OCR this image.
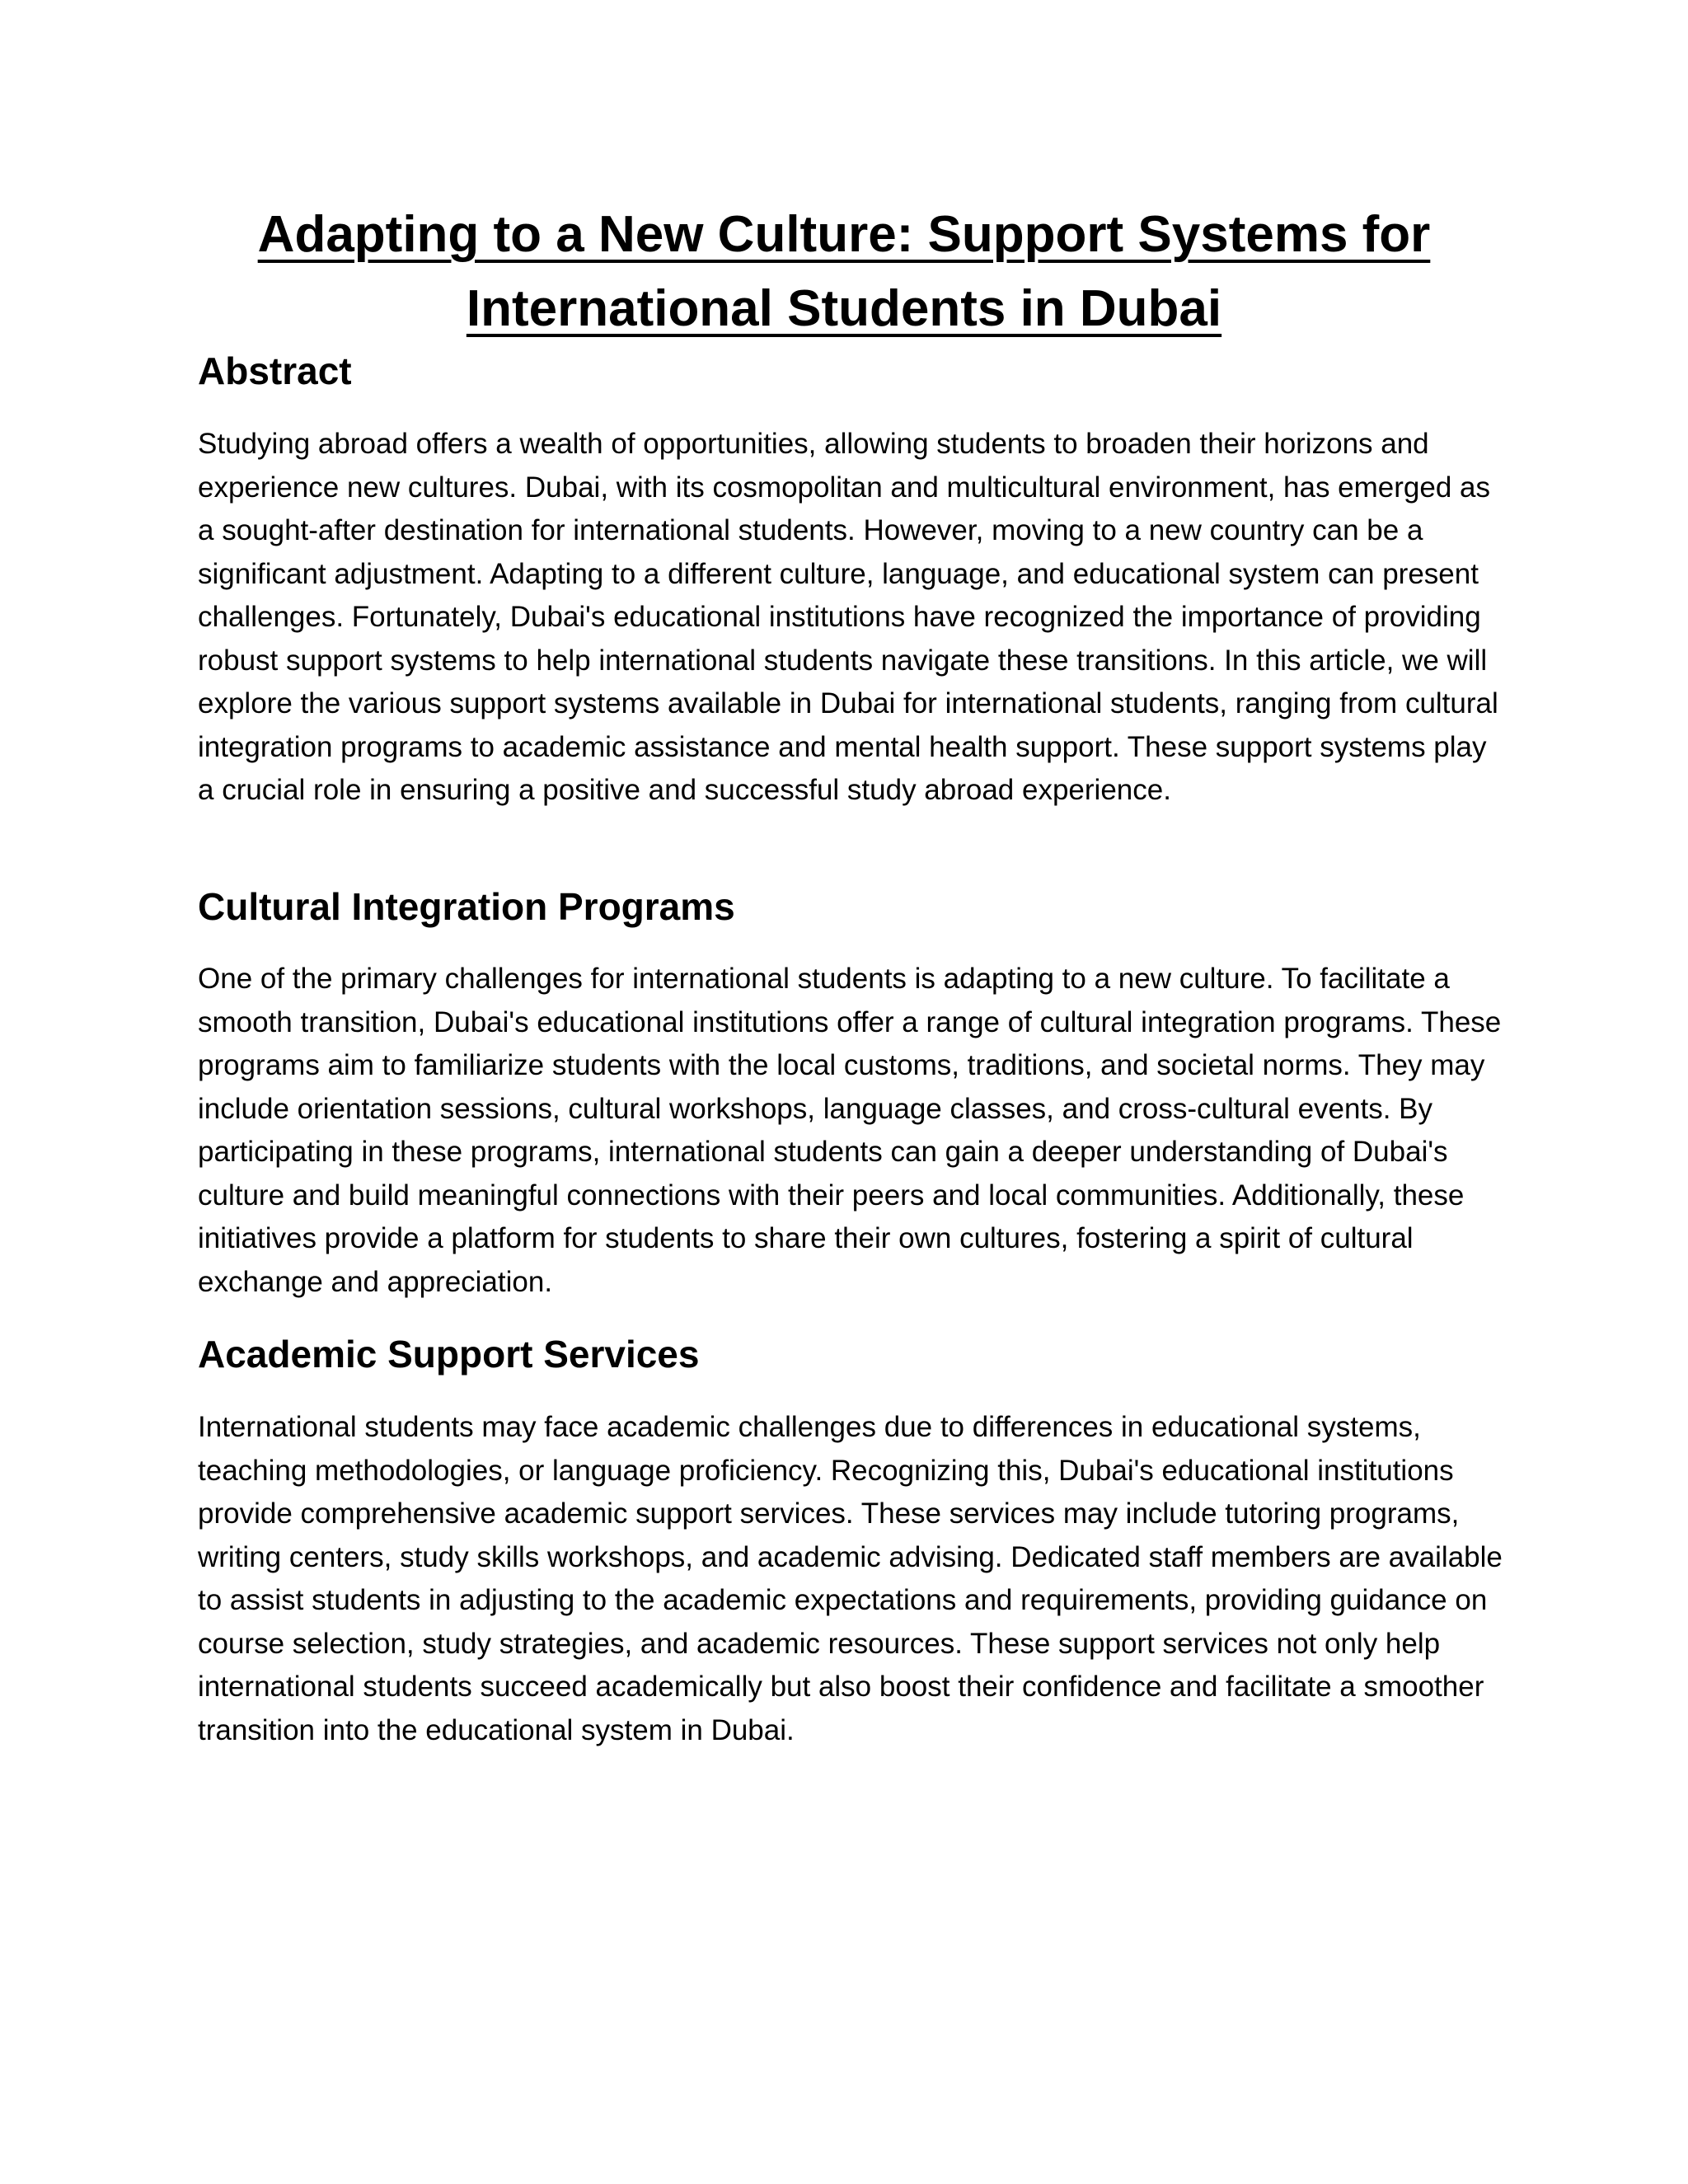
Adapting to a New Culture: Support Systems for International Students in Dubai
Abstract

Studying abroad offers a wealth of opportunities, allowing students to broaden their horizons and experience new cultures. Dubai, with its cosmopolitan and multicultural environment, has emerged as a sought-after destination for international students. However, moving to a new country can be a significant adjustment. Adapting to a different culture, language, and educational system can present challenges. Fortunately, Dubai's educational institutions have recognized the importance of providing robust support systems to help international students navigate these transitions. In this article, we will explore the various support systems available in Dubai for international students, ranging from cultural integration programs to academic assistance and mental health support. These support systems play a crucial role in ensuring a positive and successful study abroad experience.

Cultural Integration Programs

One of the primary challenges for international students is adapting to a new culture. To facilitate a smooth transition, Dubai's educational institutions offer a range of cultural integration programs. These programs aim to familiarize students with the local customs, traditions, and societal norms. They may include orientation sessions, cultural workshops, language classes, and cross-cultural events. By participating in these programs, international students can gain a deeper understanding of Dubai's culture and build meaningful connections with their peers and local communities. Additionally, these initiatives provide a platform for students to share their own cultures, fostering a spirit of cultural exchange and appreciation.

Academic Support Services

International students may face academic challenges due to differences in educational systems, teaching methodologies, or language proficiency. Recognizing this, Dubai's educational institutions provide comprehensive academic support services. These services may include tutoring programs, writing centers, study skills workshops, and academic advising. Dedicated staff members are available to assist students in adjusting to the academic expectations and requirements, providing guidance on course selection, study strategies, and academic resources. These support services not only help international students succeed academically but also boost their confidence and facilitate a smoother transition into the educational system in Dubai.
